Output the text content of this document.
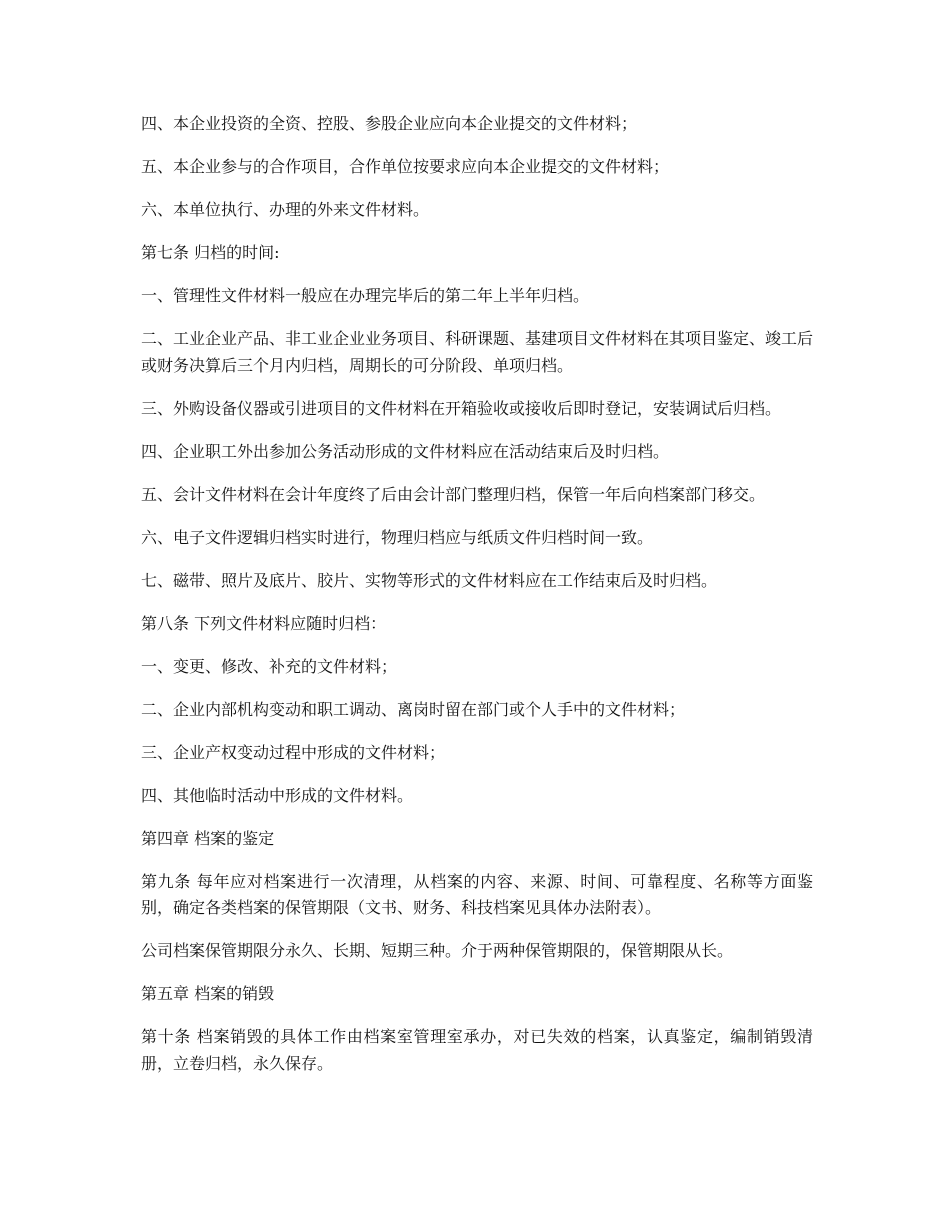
四、本企业投资的全资、控股、参股企业应向本企业提交的文件材料；

五、本企业参与的合作项目，合作单位按要求应向本企业提交的文件材料；

六、本单位执行、办理的外来文件材料。

第七条 归档的时间:

一、管理性文件材料一般应在办理完毕后的第二年上半年归档。

二、工业企业产品、非工业企业业务项目、科研课题、基建项目文件材料在其项目鉴定、竣工后或财务决算后三个月内归档，周期长的可分阶段、单项归档。

三、外购设备仪器或引进项目的文件材料在开箱验收或接收后即时登记，安装调试后归档。

四、企业职工外出参加公务活动形成的文件材料应在活动结束后及时归档。

五、会计文件材料在会计年度终了后由会计部门整理归档，保管一年后向档案部门移交。

六、电子文件逻辑归档实时进行，物理归档应与纸质文件归档时间一致。

七、磁带、照片及底片、胶片、实物等形式的文件材料应在工作结束后及时归档。

第八条 下列文件材料应随时归档：

一、变更、修改、补充的文件材料；

二、企业内部机构变动和职工调动、离岗时留在部门或个人手中的文件材料；

三、企业产权变动过程中形成的文件材料；

四、其他临时活动中形成的文件材料。

第四章 档案的鉴定

第九条 每年应对档案进行一次清理，从档案的内容、来源、时间、可靠程度、名称等方面鉴别，确定各类档案的保管期限（文书、财务、科技档案见具体办法附表）。

公司档案保管期限分永久、长期、短期三种。介于两种保管期限的，保管期限从长。

第五章 档案的销毁

第十条 档案销毁的具体工作由档案室管理室承办，对已失效的档案，认真鉴定，编制销毁清册，立卷归档，永久保存。
